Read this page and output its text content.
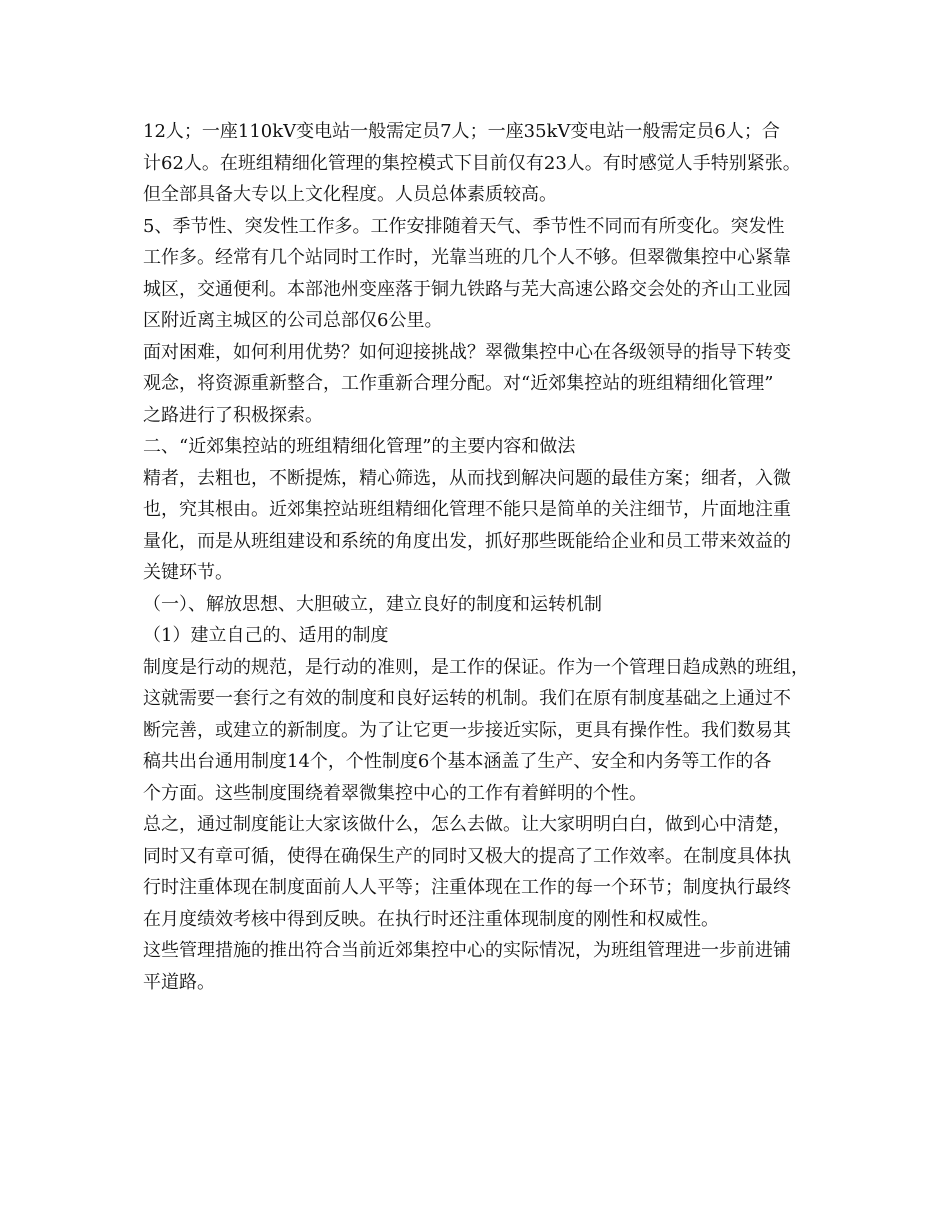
12人；一座110kV变电站一般需定员7人；一座35kV变电站一般需定员6人；合
计62人。在班组精细化管理的集控模式下目前仅有23人。有时感觉人手特别紧张。
但全部具备大专以上文化程度。人员总体素质较高。
5、季节性、突发性工作多。工作安排随着天气、季节性不同而有所变化。突发性
工作多。经常有几个站同时工作时，光靠当班的几个人不够。但翠微集控中心紧靠
城区，交通便利。本部池州变座落于铜九铁路与芜大高速公路交会处的齐山工业园
区附近离主城区的公司总部仅6公里。
面对困难，如何利用优势？如何迎接挑战？翠微集控中心在各级领导的指导下转变
观念，将资源重新整合，工作重新合理分配。对“近郊集控站的班组精细化管理”
之路进行了积极探索。
二、“近郊集控站的班组精细化管理”的主要内容和做法
精者，去粗也，不断提炼，精心筛选，从而找到解决问题的最佳方案；细者，入微
也，究其根由。近郊集控站班组精细化管理不能只是简单的关注细节，片面地注重
量化，而是从班组建设和系统的角度出发，抓好那些既能给企业和员工带来效益的
关键环节。
（一）、解放思想、大胆破立，建立良好的制度和运转机制
（1）建立自己的、适用的制度
制度是行动的规范，是行动的准则，是工作的保证。作为一个管理日趋成熟的班组，
这就需要一套行之有效的制度和良好运转的机制。我们在原有制度基础之上通过不
断完善，或建立的新制度。为了让它更一步接近实际，更具有操作性。我们数易其
稿共出台通用制度14个，个性制度6个基本涵盖了生产、安全和内务等工作的各
个方面。这些制度围绕着翠微集控中心的工作有着鲜明的个性。
总之，通过制度能让大家该做什么，怎么去做。让大家明明白白，做到心中清楚，
同时又有章可循，使得在确保生产的同时又极大的提高了工作效率。在制度具体执
行时注重体现在制度面前人人平等；注重体现在工作的每一个环节；制度执行最终
在月度绩效考核中得到反映。在执行时还注重体现制度的刚性和权威性。
这些管理措施的推出符合当前近郊集控中心的实际情况，为班组管理进一步前进铺
平道路。
